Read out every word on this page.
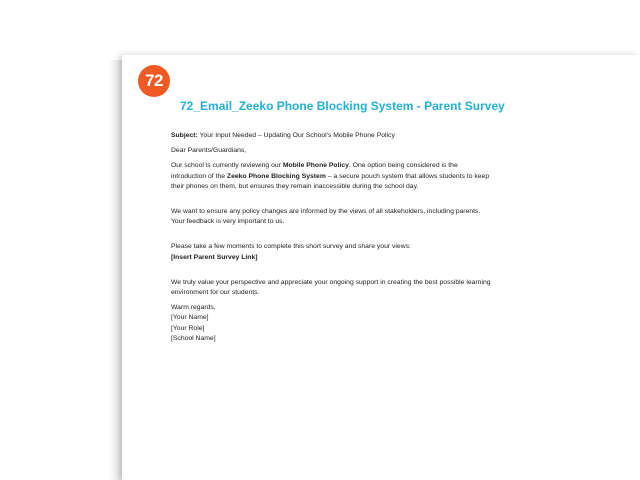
72
72_Email_Zeeko Phone Blocking System - Parent Survey

Subject: Your Input Needed – Updating Our School's Mobile Phone Policy

Dear Parents/Guardians,

Our school is currently reviewing our Mobile Phone Policy. One option being considered is the introduction of the Zeeko Phone Blocking System – a secure pouch system that allows students to keep their phones on them, but ensures they remain inaccessible during the school day.

We want to ensure any policy changes are informed by the views of all stakeholders, including parents. Your feedback is very important to us.

Please take a few moments to complete this short survey and share your views:

[Insert Parent Survey Link]

We truly value your perspective and appreciate your ongoing support in creating the best possible learning environment for our students.

Warm regards,

[Your Name]

[Your Role]

[School Name]
